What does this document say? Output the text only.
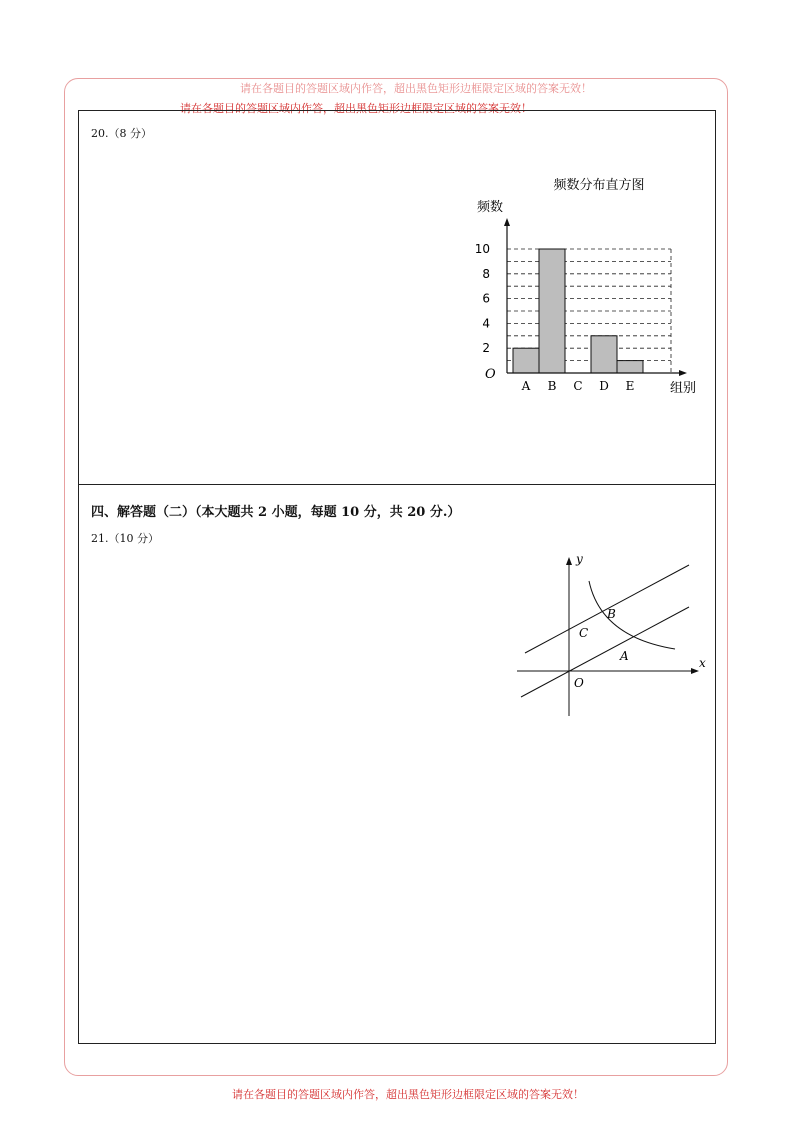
请在各题目的答题区域内作答，超出黑色矩形边框限定区域的答案无效！
请在各题目的答题区域内作答，超出黑色矩形边框限定区域的答案无效！
20.（8 分）
频数分布直方图
频数
2
4
6
8
10
A B C D E
O
组别
四、解答题（二）（本大题共 2 小题，每题 10 分，共 20 分.）
21.（10 分）
y
x
O
B
C
A
请在各题目的答题区域内作答，超出黑色矩形边框限定区域的答案无效！
